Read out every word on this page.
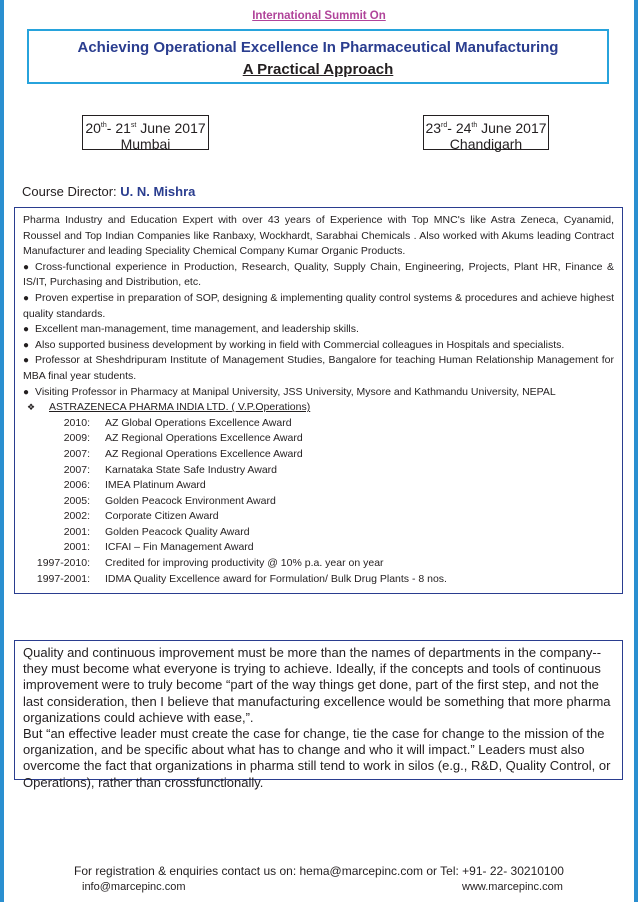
International Summit On
Achieving Operational Excellence In Pharmaceutical Manufacturing
A Practical Approach
20th- 21st June 2017
Mumbai
23rd- 24th June 2017
Chandigarh
Course Director: U. N. Mishra
Pharma Industry and Education Expert with over 43 years of Experience with Top MNC's like Astra Zeneca, Cyanamid, Roussel and Top Indian Companies like Ranbaxy, Wockhardt, Sarabhai Chemicals . Also worked with Akums leading Contract Manufacturer and leading Speciality Chemical Company Kumar Organic Products.
● Cross-functional experience in Production, Research, Quality, Supply Chain, Engineering, Projects, Plant HR, Finance & IS/IT, Purchasing and Distribution, etc.
● Proven expertise in preparation of SOP, designing & implementing quality control systems & procedures and achieve highest quality standards.
● Excellent man-management, time management, and leadership skills.
● Also supported business development by working in field with Commercial colleagues in Hospitals and specialists.
● Professor at Sheshdripuram Institute of Management Studies, Bangalore for teaching Human Relationship Management for MBA final year students.
● Visiting Professor in Pharmacy at Manipal University, JSS University, Mysore and Kathmandu University, NEPAL
❖ ASTRAZENECA PHARMA INDIA LTD. ( V.P.Operations)
2010:	AZ Global Operations Excellence Award
2009:	AZ Regional Operations Excellence Award
2007:	AZ Regional Operations Excellence Award
2007:	Karnataka State Safe Industry Award
2006:	IMEA Platinum Award
2005:	Golden Peacock Environment Award
2002:	Corporate Citizen Award
2001:	Golden Peacock Quality Award
2001:	ICFAI – Fin Management Award
1997-2010:	Credited for improving productivity @ 10% p.a. year on year
1997-2001:	IDMA Quality Excellence award for Formulation/ Bulk Drug Plants - 8 nos.
Quality and continuous improvement must be more than the names of departments in the company-- they must become what everyone is trying to achieve. Ideally, if the concepts and tools of continuous improvement were to truly become “part of the way things get done, part of the first step, and not the last consideration, then I believe that manufacturing excellence would be something that more pharma organizations could achieve with ease,”.
But “an effective leader must create the case for change, tie the case for change to the mission of the organization, and be specific about what has to change and who it will impact.” Leaders must also overcome the fact that organizations in pharma still tend to work in silos (e.g., R&D, Quality Control, or Operations), rather than crossfunctionally.
For registration & enquiries contact us on: hema@marcepinc.com or Tel: +91- 22- 30210100
info@marcepinc.com	www.marcepinc.com
